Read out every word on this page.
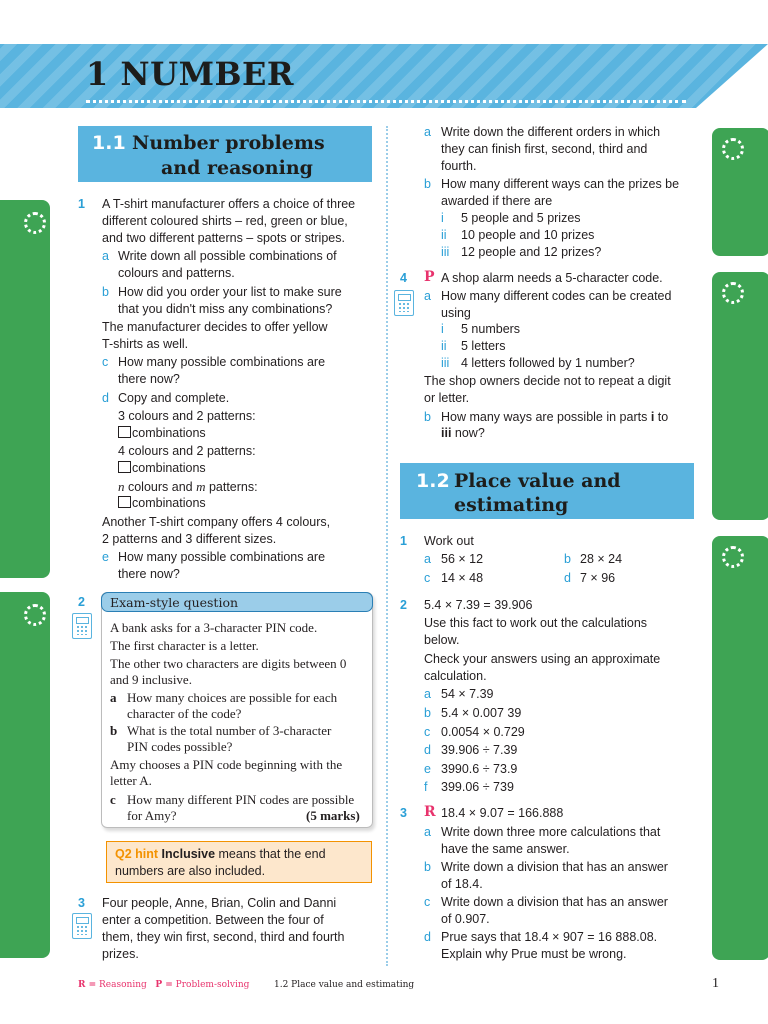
1 NUMBER
1.1 Number problems
and reasoning
1 A T-shirt manufacturer offers a choice of three
different coloured shirts – red, green or blue,
and two different patterns – spots or stripes.
a Write down all possible combinations of
colours and patterns.
b How did you order your list to make sure
that you didn't miss any combinations?
The manufacturer decides to offer yellow
T-shirts as well.
c How many possible combinations are
there now?
d Copy and complete.
3 colours and 2 patterns:
combinations
4 colours and 2 patterns:
combinations
n colours and m patterns:
combinations
Another T-shirt company offers 4 colours,
2 patterns and 3 different sizes.
e How many possible combinations are
there now?
2 Exam-style question
A bank asks for a 3-character PIN code.
The first character is a letter.
The other two characters are digits between 0
and 9 inclusive.
a How many choices are possible for each
character of the code?
b What is the total number of 3-character
PIN codes possible?
Amy chooses a PIN code beginning with the
letter A.
c How many different PIN codes are possible
for Amy?	(5 marks)
Q2 hint Inclusive means that the end
numbers are also included.
3 Four people, Anne, Brian, Colin and Danni
enter a competition. Between the four of
them, they win first, second, third and fourth
prizes.
a Write down the different orders in which
they can finish first, second, third and
fourth.
b How many different ways can the prizes be
awarded if there are
i 5 people and 5 prizes
ii 10 people and 10 prizes
iii 12 people and 12 prizes?
4 P A shop alarm needs a 5-character code.
a How many different codes can be created
using
i 5 numbers
ii 5 letters
iii 4 letters followed by 1 number?
The shop owners decide not to repeat a digit
or letter.
b How many ways are possible in parts i to
iii now?
1.2 Place value and
estimating
1 Work out
a 56 × 12	b 28 × 24
c 14 × 48	d 7 × 96
2 5.4 × 7.39 = 39.906
Use this fact to work out the calculations
below.
Check your answers using an approximate
calculation.
a 54 × 7.39
b 5.4 × 0.007 39
c 0.0054 × 0.729
d 39.906 ÷ 7.39
e 3990.6 ÷ 73.9
f 399.06 ÷ 739
3 R 18.4 × 9.07 = 166.888
a Write down three more calculations that
have the same answer.
b Write down a division that has an answer
of 18.4.
c Write down a division that has an answer
of 0.907.
d Prue says that 18.4 × 907 = 16 888.08.
Explain why Prue must be wrong.
R = Reasoning P = Problem-solving	1.2 Place value and estimating	1
